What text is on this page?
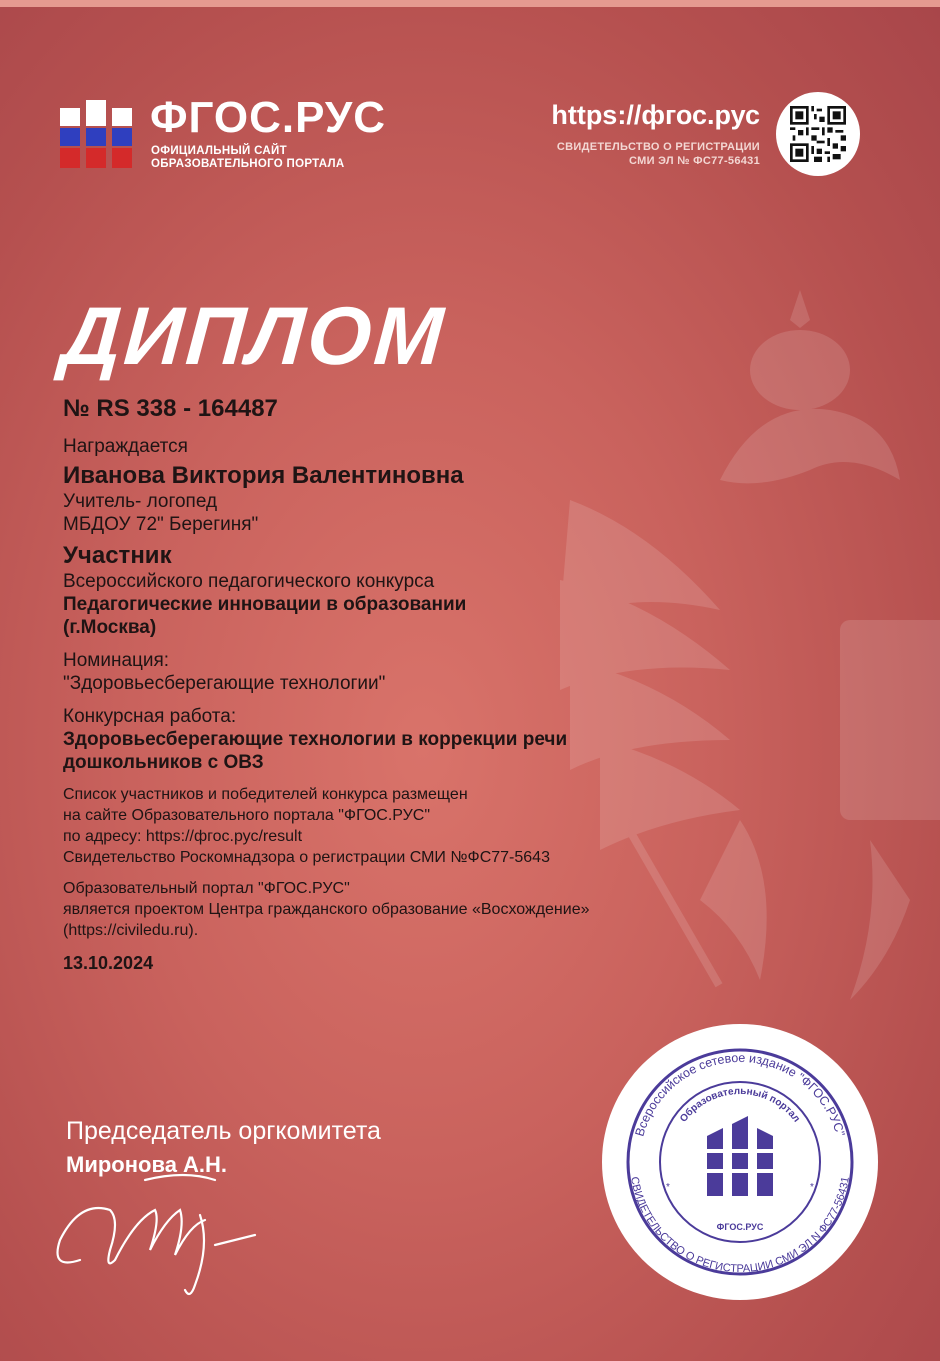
ФГОС.РУС
ОФИЦИАЛЬНЫЙ САЙТ
ОБРАЗОВАТЕЛЬНОГО ПОРТАЛА
https://фгос.рус
СВИДЕТЕЛЬСТВО О РЕГИСТРАЦИИ
СМИ ЭЛ № ФС77-56431
ДИПЛОМ
№ RS 338 - 164487
Награждается
Иванова Виктория Валентиновна
Учитель- логопед
МБДОУ 72" Берегиня"
Участник
Всероссийского педагогического конкурса
Педагогические инновации в образовании
(г.Москва)
Номинация:
"Здоровьесберегающие технологии"
Конкурсная работа:
Здоровьесберегающие технологии в коррекции речи
дошкольников с ОВЗ
Список участников и победителей конкурса размещен
на сайте Образовательного портала "ФГОС.РУС"
по адресу: https://фгос.рус/result
Свидетельство Роскомнадзора о регистрации СМИ №ФС77-5643
Образовательный портал "ФГОС.РУС"
является проектом Центра гражданского образование «Восхождение»
(https://civiledu.ru).
13.10.2024
Председатель оргкомитета
Миронова А.Н.
Всероссийское сетевое издание "ФГОС.РУС"
СВИДЕТЕЛЬСТВО О РЕГИСТРАЦИИ СМИ ЭЛ N ФС77-56431
Образовательный портал
ФГОС.РУС
*	*
